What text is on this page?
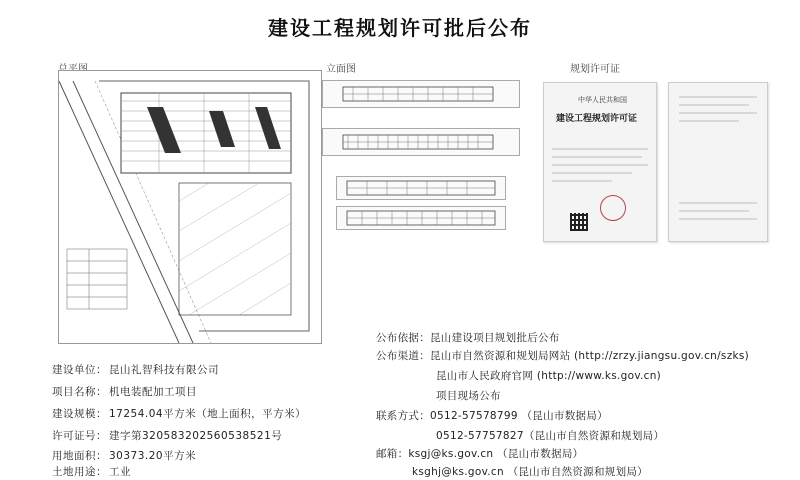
建设工程规划许可批后公布
立面图	规划许可证
中华人民共和国
建设工程规划许可证
建设单位： 昆山礼智科技有限公司
项目名称： 机电装配加工项目
建设规模： 17254.04平方米（地上面积，平方米）
许可证号： 建字第320583202560538521号
用地面积： 30373.20平方米
土地用途： 工业
公布依据：昆山建设项目规划批后公布
公布渠道：昆山市自然资源和规划局网站 (http://zrzy.jiangsu.gov.cn/szks)
昆山市人民政府官网 (http://www.ks.gov.cn)
项目现场公布
联系方式：0512-57578799 （昆山市数据局）
0512-57757827（昆山市自然资源和规划局）
邮箱：ksgj@ks.gov.cn （昆山市数据局）
ksghj@ks.gov.cn （昆山市自然资源和规划局）
